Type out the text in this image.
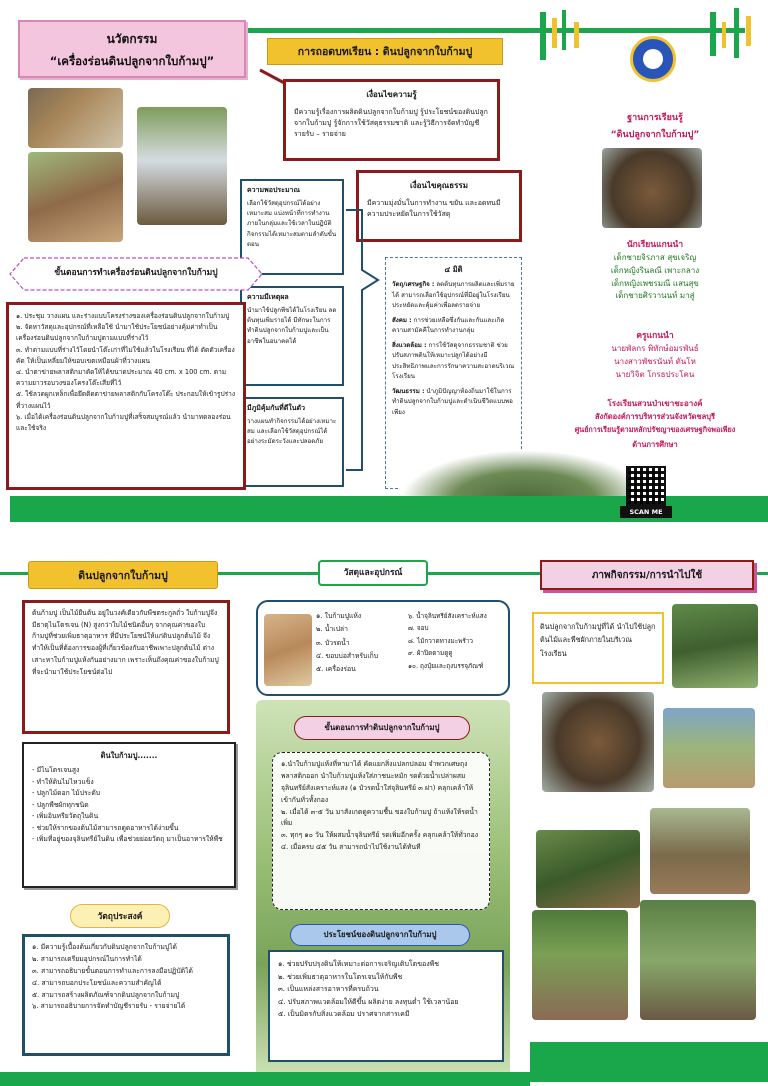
นวัตกรรม
“เครื่องร่อนดินปลูกจากใบก้ามปู”
การถอดบทเรียน : ดินปลูกจากใบก้ามปู
เงื่อนไขความรู้
มีความรู้เรื่องการผลิตดินปลูกจากใบก้ามปู รู้ประโยชน์ของดินปลูกจากใบก้ามปู รู้จักการใช้วัสดุธรรมชาติ และรู้วิธีการจัดทำบัญชีรายรับ – รายจ่าย
เงื่อนไขคุณธรรม
มีความมุ่งมั่นในการทำงาน ขยัน และอดทนมีความประหยัดในการใช้วัสดุ
ความพอประมาณ
เลือกใช้วัสดุอุปกรณ์ได้อย่างเหมาะสม แบ่งหน้าที่การทำงานภายในกลุ่มและใช้เวลาในปฏิบัติกิจกรรมได้เหมาะสมตามลำดับขั้นตอน
ความมีเหตุผล
นำมาใช้ปลูกพืชได้ในโรงเรียน ลดต้นทุนเพิ่มรายได้ มีทักษะในการทำดินปลูกจากใบก้ามปูและเป็นอาชีพในอนาคตได้
มีภูมิคุ้มกันที่ดีในตัว
วางแผนทำกิจกรรมได้อย่างเหมาะสม และเลือกใช้วัสดุอุปกรณ์ได้อย่างระมัดระวังและปลอดภัย
๔ มิติ
วัตถุ/เศรษฐกิจ : ลดต้นทุนการผลิตและเพิ่มรายได้ สามารถเลือกใช้อุปกรณ์ที่มีอยู่ในโรงเรียน ประหยัดและคุ้มค่าเพื่อลดรายจ่าย
สังคม : การช่วยเหลือซึ่งกันและกันและเกิดความสามัคคีในการทำงานกลุ่ม
สิ่งแวดล้อม : การใช้วัสดุจากธรรมชาติ ช่วยปรับสภาพดินให้เหมาะปลูกได้อย่างมีประสิทธิภาพและการรักษาความสะอาดบริเวณโรงเรียน
วัฒนธรรม : นำภูมิปัญญาท้องถิ่นมาใช้ในการทำดินปลูกจากใบก้ามปูและดำเนินชีวิตแบบพอเพียง
ขั้นตอนการทำเครื่องร่อนดินปลูกจากใบก้ามปู
๑. ประชุม วางแผน และร่างแบบโครงร่างของเครื่องร่อนดินปลูกจากใบก้ามปู
๒. จัดหาวัสดุและอุปกรณ์ที่เหลือใช้ นำมาใช้ประโยชน์อย่างคุ้มค่าทำเป็นเครื่องร่อนดินปลูกจากใบก้ามปูตามแบบที่ร่างไว้
๓. ทำตามแบบที่ร่างไว้โดยนำโต๊ะเก่าที่ไม่ใช้แล้วในโรงเรียน ที่ได้ ตัดตัวเครื่องคัด ให้เป็นเหลี่ยมให้ขอบเขตเหมือนผ้าที่วางแผน
๔. นำตาข่ายพลาสติกมาตัดให้ได้ขนาดประมาณ 40 cm. x 100 cm. ตามความยาวรอบวงของโครงโต๊ะเสียที่ไว้
๕. ใช้ลวดผูกเหล็กเพื่อยึดติดตาข่ายพลาสติกกับโครงโต๊ะ ประกอบให้เข้ารูปร่างที่วางแผนไว้
๖. เมื่อได้เครื่องร่อนดินปลูกจากใบก้ามปูที่เสร็จสมบูรณ์แล้ว นำมาทดลองร่อนและใช้จริง
ฐานการเรียนรู้
“ดินปลูกจากใบก้ามปู”
นักเรียนแกนนำ
เด็กชายจิรภาส สุขเจริญ
เด็กหญิงรินลณี เพาะกลาง
เด็กหญิงเพชรมณี แสนสุข
เด็กชายศิรวานนท์ มาสู่
ครูแกนนำ
นายพัลกร พิทักษ์อมรพันธ์
นางสาวพัชรนันท์ ตันโห
นายวิจิต โกรธประโคน
โรงเรียนสวนป่าเขาชะอางค์
สังกัดองค์การบริหารส่วนจังหวัดชลบุรี
ศูนย์การเรียนรู้ตามหลักปรัชญาของเศรษฐกิจพอเพียง
ด้านการศึกษา
SCAN ME
ดินปลูกจากใบก้ามปู
ต้นก้ามปู เป็นไม้ยืนต้น อยู่ในวงศ์เดียวกับพืชตระกูลถั่ว ใบก้ามปูจึงมีธาตุไนโตรเจน (N) สูงกว่าใบไม้ชนิดอื่นๆ จากคุณค่าของใบก้ามปูที่ช่วยเพิ่มธาตุอาหาร ที่มีประโยชน์ให้แก่ดินปลูกต้นไม้ จึงทำให้เป็นที่ต้องการของผู้ที่เกี่ยวข้องกับอาชีพเพาะปลูกต้นไม้ ต่างเสาะหาใบก้ามปูแห้งกันอย่างมาก เพราะเห็นถึงคุณค่าของใบก้ามปู ที่จะนำมาใช้ประโยชน์ต่อไป
ดินใบก้ามปู.......
- มีไนโตรเจนสูง
- ทำให้ดินไม่ไหวแข็ง
- ปลูกไม้ดอก ไม้ประดับ
- ปลูกพืชผักทุกชนิด
- เพิ่มอินทรียวัตถุในดิน
- ช่วยให้รากของต้นไม้สามารถดูดอาหารได้ง่ายขึ้น
- เพิ่มที่อยู่ของจุลินทรีย์ในดิน เพื่อช่วยย่อยวัตถุ มาเป็นอาหารให้พืช
วัตถุประสงค์
๑. มีความรู้เบื้องต้นเกี่ยวกับดินปลูกจากใบก้ามปูได้
๒. สามารถเตรียมอุปกรณ์ในการทำได้
๓. สามารถอธิบายขั้นตอนการทำและการลงมือปฏิบัติได้
๔. สามารถบอกประโยชน์และความสำคัญได้
๕. สามารถสร้างผลิตภัณฑ์จากดินปลูกจากใบก้ามปู
๖. สามารถอธิบายการจัดทำบัญชีรายรับ - รายจ่ายได้
วัสดุและอุปกรณ์
๑. ใบก้ามปูแห้ง
๒. น้ำเปล่า
๓. บัวรดน้ำ
๔. ขอบบ่อสำหรับเก็บ
๕. เครื่องร่อน
๖. น้ำจุลินทรีย์สังเคราะห์แสง
๗. จอบ
๘. ไม้กวาดทางมะพร้าว
๙. ผ้าปิดตามดูดู
๑๐. ถุงปุ๋ยและถุงบรรจุภัณฑ์
ขั้นตอนการทำดินปลูกจากใบก้ามปู
๑.นำใบก้ามปูแห้งที่หามาได้ คัดแยกสิ่งแปลกปลอม จำพวกเศษถุงพลาสติกออก นำใบก้ามปูแห้งใส่ภาชนะหมัก รดด้วยน้ำเปล่าผสมจุลินทรีย์สังเคราะห์แสง (๑ บัวรดน้ำใส่จุลินทรีย์ ๓ ฝา) คลุกเคล้าให้เข้ากันทั่วทั้งกอง
๒. เมื่อได้ ๓-๕ วัน มาสังเกตดูความชื้น ของใบก้ามปู ถ้าแห้งให้รดน้ำเพิ่ม
๓. ทุกๆ ๑๐ วัน ให้ผสมน้ำจุลินทรีย์ รดเพิ่มอีกครั้ง คลุกเคล้าให้ทั่วกอง
๔. เมื่อครบ ๔๕ วัน สามารถนำไปใช้งานได้ทันที
ประโยชน์ของดินปลูกจากใบก้ามปู
๑. ช่วยปรับปรุงดินให้เหมาะต่อการเจริญเติบโตของพืช
๒. ช่วยเพิ่มธาตุอาหารในโตรเจนให้กับพืช
๓. เป็นแหล่งสารอาหารที่ครบถ้วน
๔. ปรับสภาพแวดล้อมให้ดีขึ้น ผลิตง่าย ลงทุนต่ำ ใช้เวลาน้อย
๕. เป็นมิตรกับสิ่งแวดล้อม ปราศจากสารเคมี
ภาพกิจกรรม/การนำไปใช้
ดินปลูกจากใบก้ามปูที่ได้ นำไปใช้ปลูกต้นไม้และพืชผักภายในบริเวณโรงเรียน
